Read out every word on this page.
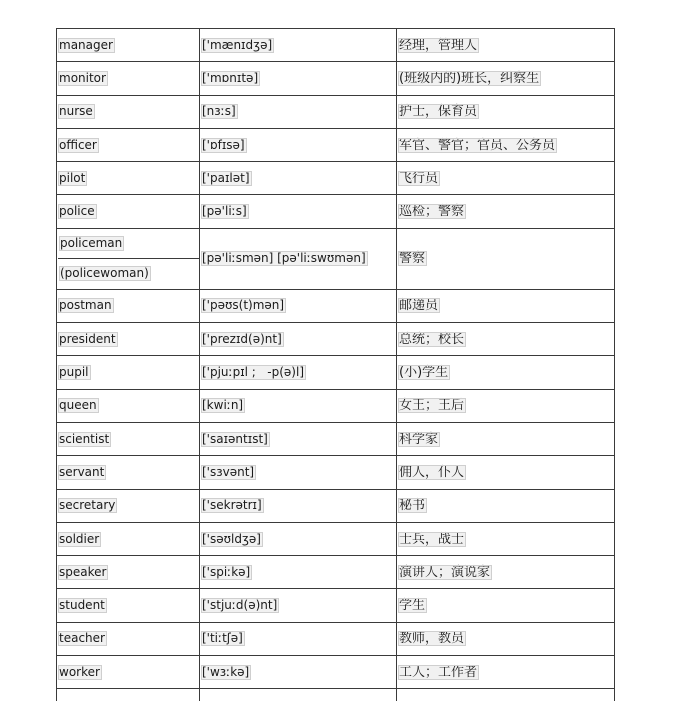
manager	['mænɪdʒə]	经理，管理人
monitor	['mɒnɪtə]	(班级内的)班长，纠察生
nurse	[nɜːs]	护士，保育员
officer	['ɒfɪsə]	军官、警官；官员、公务员
pilot	['paɪlət]	飞行员
police	[pə'liːs]	巡检；警察

policeman
(policewoman)	[pə'liːsmən] [pə'liːswʊmən]	警察
postman	['pəʊs(t)mən]	邮递员
president	['prezɪd(ə)nt]	总统；校长
pupil	['pjuːpɪl ;   -p(ə)l]	(小)学生
queen	[kwiːn]	女王；王后
scientist	['saɪəntɪst]	科学家
servant	['sɜvənt]	佣人，仆人
secretary	['sekrətrɪ]	秘书
soldier	['səʊldʒə]	士兵，战士
speaker	['spiːkə]	演讲人；演说家
student	['stjuːd(ə)nt]	学生
teacher	['tiːtʃə]	教师，教员
worker	['wɜːkə]	工人；工作者
